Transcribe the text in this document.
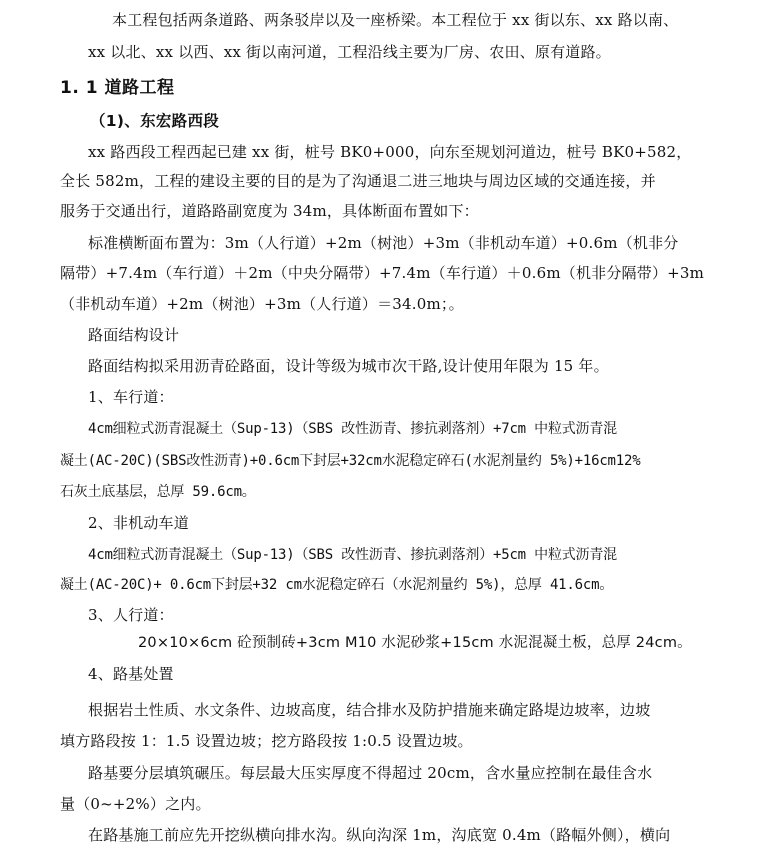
本工程包括两条道路、两条驳岸以及一座桥梁。本工程位于 xx 街以东、xx 路以南、
xx 以北、xx 以西、xx 街以南河道，工程沿线主要为厂房、农田、原有道路。
1. 1 道路工程
（1)、东宏路西段
xx 路西段工程西起已建 xx 街，桩号 BK0+000，向东至规划河道边，桩号 BK0+582，
全长 582m，工程的建设主要的目的是为了沟通退二进三地块与周边区域的交通连接，并
服务于交通出行，道路路副宽度为 34m，具体断面布置如下：
标准横断面布置为：3m（人行道）+2m（树池）+3m（非机动车道）+0.6m（机非分
隔带）+7.4m（车行道）＋2m（中央分隔带）+7.4m（车行道）＋0.6m（机非分隔带）+3m
（非机动车道）+2m（树池）+3m（人行道）＝34.0m；。
路面结构设计
路面结构拟采用沥青砼路面，设计等级为城市次干路,设计使用年限为 15 年。
1、车行道：
4cm细粒式沥青混凝土（Sup-13)（SBS 改性沥青、掺抗剥落剂）+7cm 中粒式沥青混
凝土(AC-20C)(SBS改性沥青)+0.6cm下封层+32cm水泥稳定碎石(水泥剂量约 5%)+16cm12%
石灰土底基层，总厚 59.6cm。
2、非机动车道
4cm细粒式沥青混凝土（Sup-13)（SBS 改性沥青、掺抗剥落剂）+5cm 中粒式沥青混
凝土(AC-20C)+ 0.6cm下封层+32 cm水泥稳定碎石（水泥剂量约 5%)，总厚 41.6cm。
3、人行道：
20×10×6cm 砼预制砖+3cm M10 水泥砂浆+15cm 水泥混凝土板，总厚 24cm。
4、路基处置
根据岩土性质、水文条件、边坡高度，结合排水及防护措施来确定路堤边坡率，边坡
填方路段按 1：1.5 设置边坡；挖方路段按 1:0.5 设置边坡。
路基要分层填筑碾压。每层最大压实厚度不得超过 20cm，含水量应控制在最佳含水
量（0~+2%）之内。
在路基施工前应先开挖纵横向排水沟。纵向沟深 1m，沟底宽 0.4m（路幅外侧），横向
